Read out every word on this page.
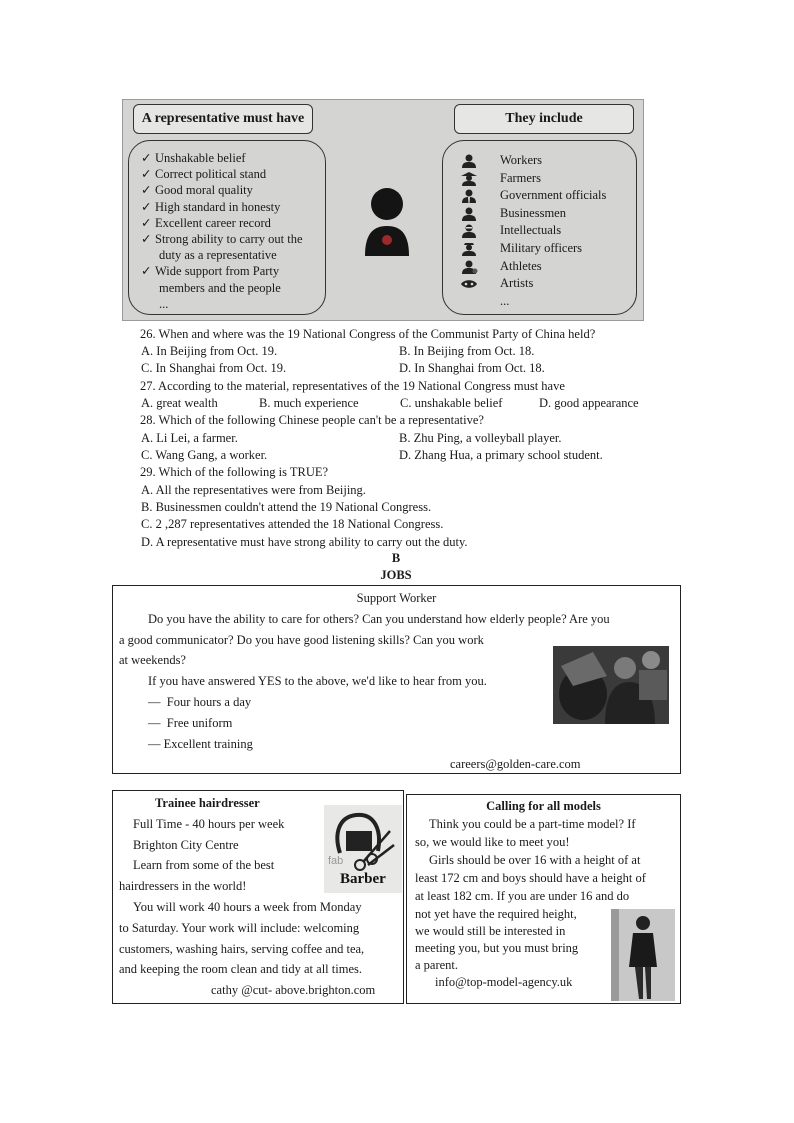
A representative must have	They include
✓ Unshakable belief
✓ Correct political stand
✓ Good moral quality
✓ High standard in honesty
✓ Excellent career record
✓ Strong ability to carry out the
duty as a representative
✓ Wide support from Party
members and the people
...
Workers
Farmers
Government officials
Businessmen
Intellectuals
Military officers
Athletes
Artists
...
26. When and where was the 19 National Congress of the Communist Party of China held?
A. In Beijing from Oct. 19.	B. In Beijing from Oct. 18.
C. In Shanghai from Oct. 19.	D. In Shanghai from Oct. 18.
27. According to the material, representatives of the 19 National Congress must have
A. great wealth	B. much experience	C. unshakable belief	D. good appearance
28. Which of the following Chinese people can't be a representative?
A. Li Lei, a farmer.	B. Zhu Ping, a volleyball player.
C. Wang Gang, a worker.	D. Zhang Hua, a primary school student.
29. Which of the following is TRUE?
A. All the representatives were from Beijing.
B. Businessmen couldn't attend the 19 National Congress.
C. 2 ,287 representatives attended the 18 National Congress.
D. A representative must have strong ability to carry out the duty.
B
JOBS
Support Worker
Do you have the ability to care for others? Can you understand how elderly people? Are you
a good communicator? Do you have good listening skills? Can you work
at weekends?
If you have answered YES to the above, we'd like to hear from you.
— Four hours a day
— Free uniform
— Excellent training
careers@golden-care.com
Trainee hairdresser
Full Time - 40 hours per week
Brighton City Centre
Learn from some of the best
hairdressers in the world!
You will work 40 hours a week from Monday
to Saturday. Your work will include: welcoming
customers, washing hairs, serving coffee and tea,
and keeping the room clean and tidy at all times.
cathy @cut- above.brighton.com
fab
Barber
Calling for all models
Think you could be a part-time model? If
so, we would like to meet you!
Girls should be over 16 with a height of at
least 172 cm and boys should have a height of
at least 182 cm. If you are under 16 and do
not yet have the required height,
we would still be interested in
meeting you, but you must bring
a parent.
info@top-model-agency.uk
